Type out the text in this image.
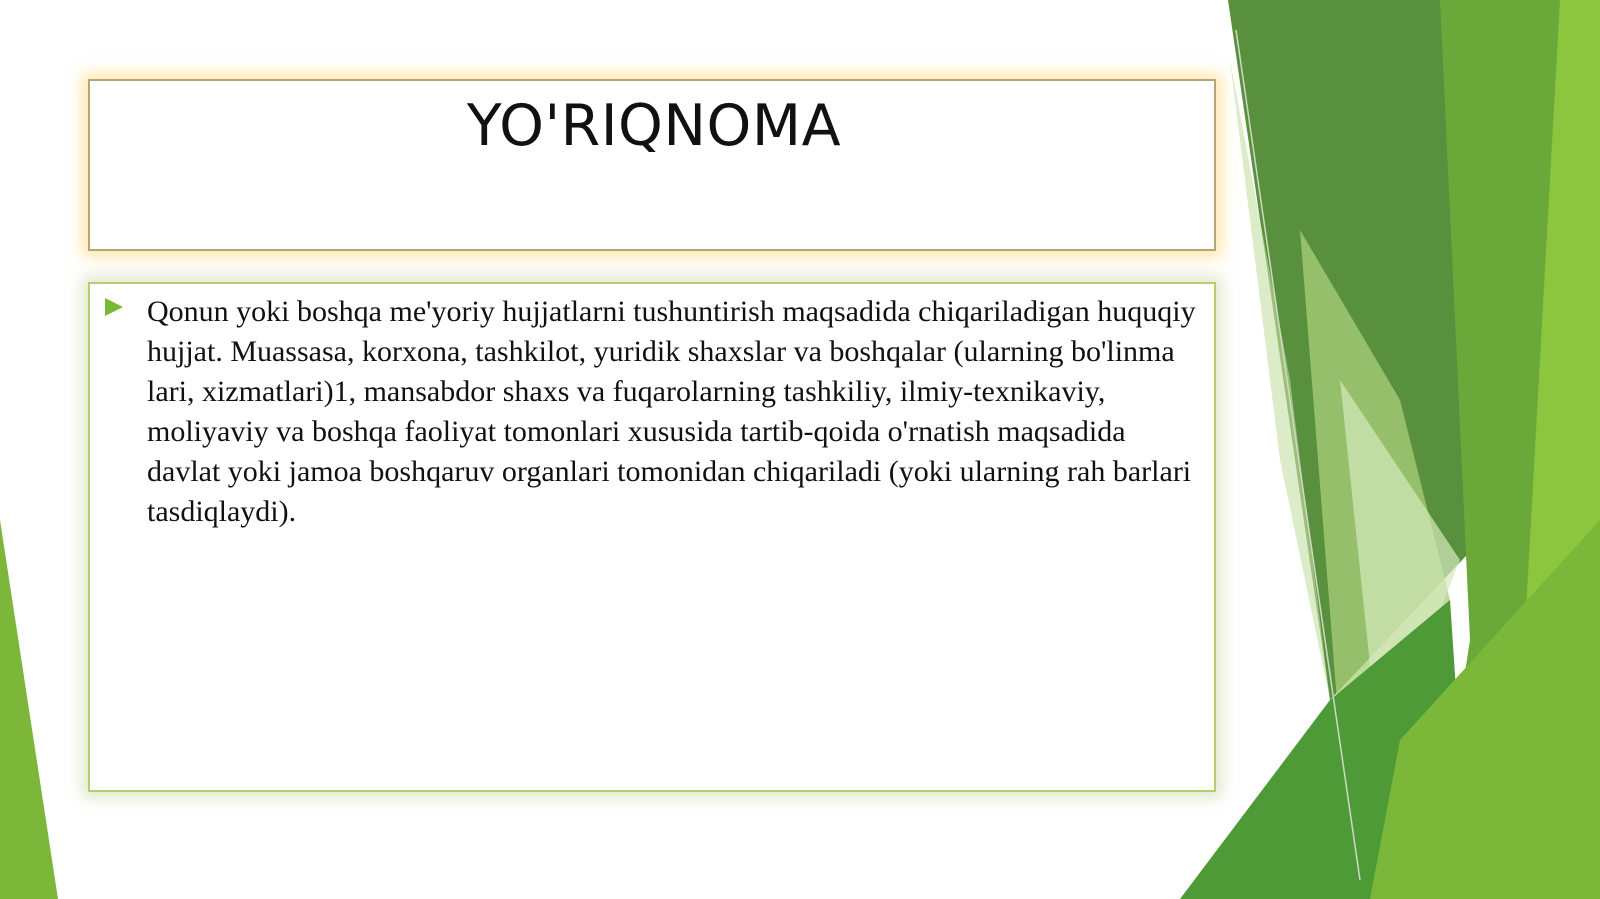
YO'RIQNOMA

Qonun yoki boshqa me'yoriy hujjatlarni tushuntirish maqsadida chiqariladigan huquqiy hujjat. Muassasa, korxona, tashkilot, yuridik shaxslar va boshqalar (ularning bo'linma lari, xizmatlari)1, mansabdor shaxs va fuqarolarning tashkiliy, ilmiy-texnikaviy, moliyaviy va boshqa faoliyat tomonlari xususida tartib-qoida o'rnatish maqsadida davlat yoki jamoa boshqaruv organlari tomonidan chiqariladi (yoki ularning rah barlari tasdiqlaydi).
